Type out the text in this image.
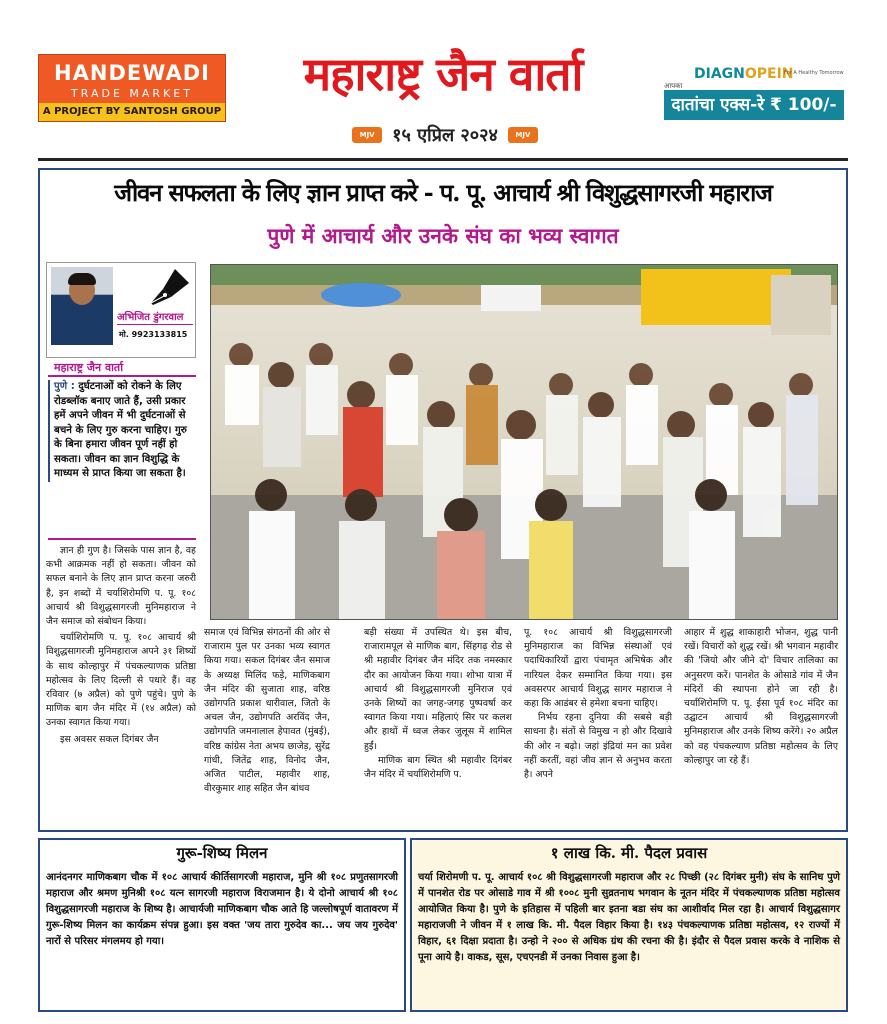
HANDEWADI
TRADE MARKET
A PROJECT BY SANTOSH GROUP
महाराष्ट्र जैन वार्ता
MJV १५ एप्रिल २०२४	MJV
DIAGNOPEIN
For A Healthy Tomorrow
आपका
दातांचा एक्स-रे ₹ 100/-
जीवन सफलता के लिए ज्ञान प्राप्त करे - प. पू. आचार्य श्री विशुद्धसागरजी महाराज
पुणे में आचार्य और उनके संघ का भव्य स्वागत
अभिजित डुंगरवाल
मो. 9923133815
महाराष्ट्र जैन वार्ता
पुणे : दुर्घटनाओं को रोकने के लिए रोडब्लॉक बनाए जाते हैं, उसी प्रकार हमें अपने जीवन में भी दुर्घटनाओं से बचने के लिए गुरु करना चाहिए। गुरु के बिना हमारा जीवन पूर्ण नहीं हो सकता। जीवन का ज्ञान विशुद्धि के माध्यम से प्राप्त किया जा सकता है।

ज्ञान ही गुण है। जिसके पास ज्ञान है, वह कभी आक्रमक नहीं हो सकता। जीवन को सफल बनाने के लिए ज्ञान प्राप्त करना जरुरी है, इन शब्दों में चर्याशिरोमणि प. पू. १०८ आचार्य श्री विशुद्धसागरजी मुनिमहाराज ने जैन समाज को संबोधन किया।

चर्याशिरोमणि प. पू. १०८ आचार्य श्री विशुद्धसागरजी मुनिमहाराज अपने ३१ शिष्यों के साथ कोल्हापुर में पंचकल्याणक प्रतिष्ठा महोत्सव के लिए दिल्ली से पधारे हैं। वह रविवार (७ अप्रैल) को पुणे पहुंचे। पुणे के माणिक बाग जैन मंदिर में (१४ अप्रैल) को उनका स्वागत किया गया।

इस अवसर सकल दिगंबर जैन

समाज एवं विभिन्न संगठनों की ओर से राजाराम पुल पर उनका भव्य स्वागत किया गया। सकल दिगंबर जैन समाज के अध्यक्ष मिलिंद फड़े, माणिकबाग जैन मंदिर की सुजाता शाह, वरिष्ठ उद्योगपति प्रकाश धारीवाल, जितो के अचल जैन, उद्योगपति अरविंद जैन, उद्योगपति जमनालाल हेपावत (मुंबई), वरिष्ठ कांग्रेस नेता अभय छाजेड़, सुरेंद्र गांधी, जितेंद्र शाह, विनोद जैन, अजित पाटील, महावीर शाह, वीरकुमार शाह सहित जैन बांधव

बड़ी संख्या में उपस्थित थे। इस बीच, राजारामपूल से माणिक बाग, सिंहगढ़ रोड से श्री महावीर दिगंबर जैन मंदिर तक नमस्कार दौर का आयोजन किया गया। शोभा यात्रा में आचार्य श्री विशुद्धसागरजी मुनिराज एवं उनके शिष्यों का जगह-जगह पुष्पवर्षा कर स्वागत किया गया। महिलाएं सिर पर कलश और हाथों में ध्वज लेकर जुलूस में शामिल हुईं।

माणिक बाग स्थित श्री महावीर दिगंबर जैन मंदिर में चर्याशिरोमणि प.

पू. १०८ आचार्य श्री विशुद्धसागरजी मुनिमहाराज का विभिन्न संस्थाओं एवं पदाधिकारियों द्वारा पंचामृत अभिषेक और नारियल देकर सम्मानित किया गया। इस अवसरपर आचार्य विशुद्ध सागर महाराज ने कहा कि आडंबर से हमेशा बचना चाहिए।

निर्भय रहना दुनिया की सबसे बड़ी साधना है। संतों से विमुख न हो और दिखावे की ओर न बढ़ो। जहां इंद्रियां मन का प्रवेश नहीं करतीं, वहां जीव ज्ञान से अनुभव करता है। अपने

आहार में शुद्ध शाकाहारी भोजन, शुद्ध पानी रखें। विचारों को शुद्ध रखें। श्री भगवान महावीर की 'जियो और जीने दो' विचार तालिका का अनुसरण करें। पानशेत के ओसाडे गांव में जैन मंदिरों की स्थापना होने जा रही है। चर्याशिरोमणि प. पू. ईसा पूर्व १०८ मंदिर का उद्घाटन आचार्य श्री विशुद्धसागरजी मुनिमहाराज और उनके शिष्य करेंगे। २० अप्रैल को वह पंचकल्याण प्रतिष्ठा महोत्सव के लिए कोल्हापुर जा रहे हैं।

गुरू-शिष्य मिलन
आनंदनगर माणिकबाग चौक में १०८ आचार्य कीर्तिसागरजी महाराज, मुनि श्री १०८ प्रणुतसागरजी महाराज और श्रमण मुनिश्री १०८ यत्न सागरजी महाराज विराजमान है। ये दोनो आचार्य श्री १०८ विशुद्धसागरजी महाराज के शिष्य है। आचार्यजी माणिकबाग चौक आते हि जल्लोषपूर्ण वातावरण में गुरू-शिष्य मिलन का कार्यक्रम संपन्न हुआ। इस वक्त 'जय तारा गुरुदेव का... जय जय गुरुदेव' नारों से परिसर मंगलमय हो गया।
१ लाख कि. मी. पैदल प्रवास
चर्या शिरोमणी प. पू. आचार्य १०८ श्री विशुद्धसागरजी महाराज और २८ पिच्छी (२८ दिगंबर मुनी) संघ के सानिध पुणे में पानशेत रोड पर ओसाडे गाव में श्री १००८ मुनी सुव्रतनाथ भगवान के नूतन मंदिर में पंचकल्याणक प्रतिष्ठा महोत्सव आयोजित किया है। पुणे के इतिहास में पहिली बार इतना बडा संघ का आशीर्वाद मिल रहा है। आचार्य विशुद्धसागर महाराजजी ने जीवन में १ लाख कि. मी. पैदल विहार किया है। १४३ पंचकल्याणक प्रतिष्ठा महोत्सव, १२ राज्यों में विहार, ६१ दिक्षा प्रदाता है। उन्हो ने २०० से अधिक ग्रंथ की रचना की है। इंदौर से पैदल प्रवास करके वे नाशिक से पूना आये है। वाकड, सूस, एचएनडी में उनका निवास हुआ है।
